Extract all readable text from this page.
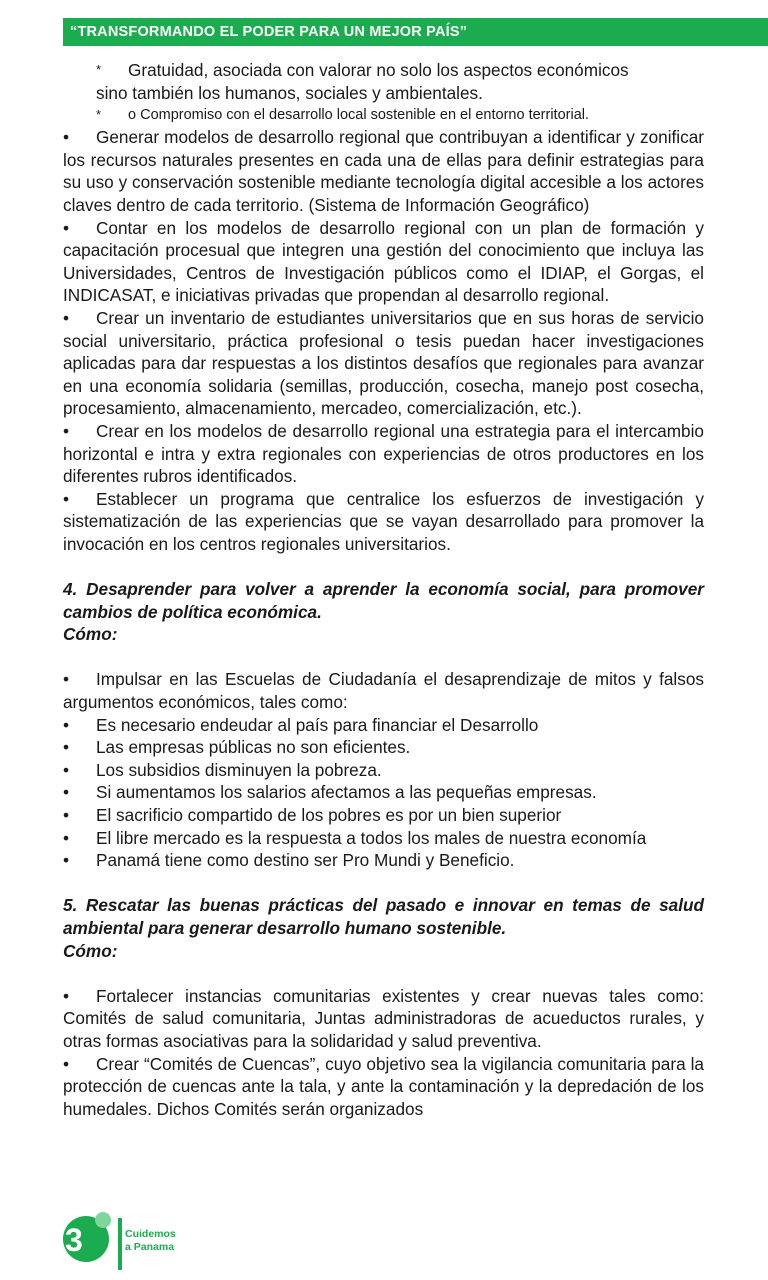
“TRANSFORMANDO EL PODER PARA UN MEJOR PAÍS”
* Gratuidad, asociada con valorar no solo los aspectos económicos
sino también los humanos, sociales y ambientales.
* o Compromiso con el desarrollo local sostenible en el entorno territorial.

• Generar modelos de desarrollo regional que contribuyan a identificar y zonificar los recursos naturales presentes en cada una de ellas para definir estrategias para su uso y conservación sostenible mediante tecnología digital accesible a los actores claves dentro de cada territorio. (Sistema de Información Geográfico)

• Contar en los modelos de desarrollo regional con un plan de formación y capacitación procesual que integren una gestión del conocimiento que incluya las Universidades, Centros de Investigación públicos como el IDIAP, el Gorgas, el INDICASAT, e iniciativas privadas que propendan al desarrollo regional.

• Crear un inventario de estudiantes universitarios que en sus horas de servicio social universitario, práctica profesional o tesis puedan hacer investigaciones aplicadas para dar respuestas a los distintos desafíos que regionales para avanzar en una economía solidaria (semillas, producción, cosecha, manejo post cosecha, procesamiento, almacenamiento, mercadeo, comercialización, etc.).

• Crear en los modelos de desarrollo regional una estrategia para el intercambio horizontal e intra y extra regionales con experiencias de otros productores en los diferentes rubros identificados.

• Establecer un programa que centralice los esfuerzos de investigación y sistematización de las experiencias que se vayan desarrollado para promover la invocación en los centros regionales universitarios.

4. Desaprender para volver a aprender la economía social, para promover cambios de política económica.

Cómo:

• Impulsar en las Escuelas de Ciudadanía el desaprendizaje de mitos y falsos argumentos económicos, tales como:

•	Es necesario endeudar al país para financiar el Desarrollo
•	Las empresas públicas no son eficientes.
•	Los subsidios disminuyen la pobreza.
•	Si aumentamos los salarios afectamos a las pequeñas empresas.
•	El sacrificio compartido de los pobres es por un bien superior
•	El libre mercado es la respuesta a todos los males de nuestra economía
•	Panamá tiene como destino ser Pro Mundi y Beneficio.

5. Rescatar las buenas prácticas del pasado e innovar en temas de salud ambiental para generar desarrollo humano sostenible.

Cómo:

• Fortalecer instancias comunitarias existentes y crear nuevas tales como: Comités de salud comunitaria, Juntas administradoras de acueductos rurales, y otras formas asociativas para la solidaridad y salud preventiva.

• Crear “Comités de Cuencas”, cuyo objetivo sea la vigilancia comunitaria para la protección de cuencas ante la tala, y ante la contaminación y la depredación de los humedales. Dichos Comités serán organizados

34	Cuidemos
a Panama
